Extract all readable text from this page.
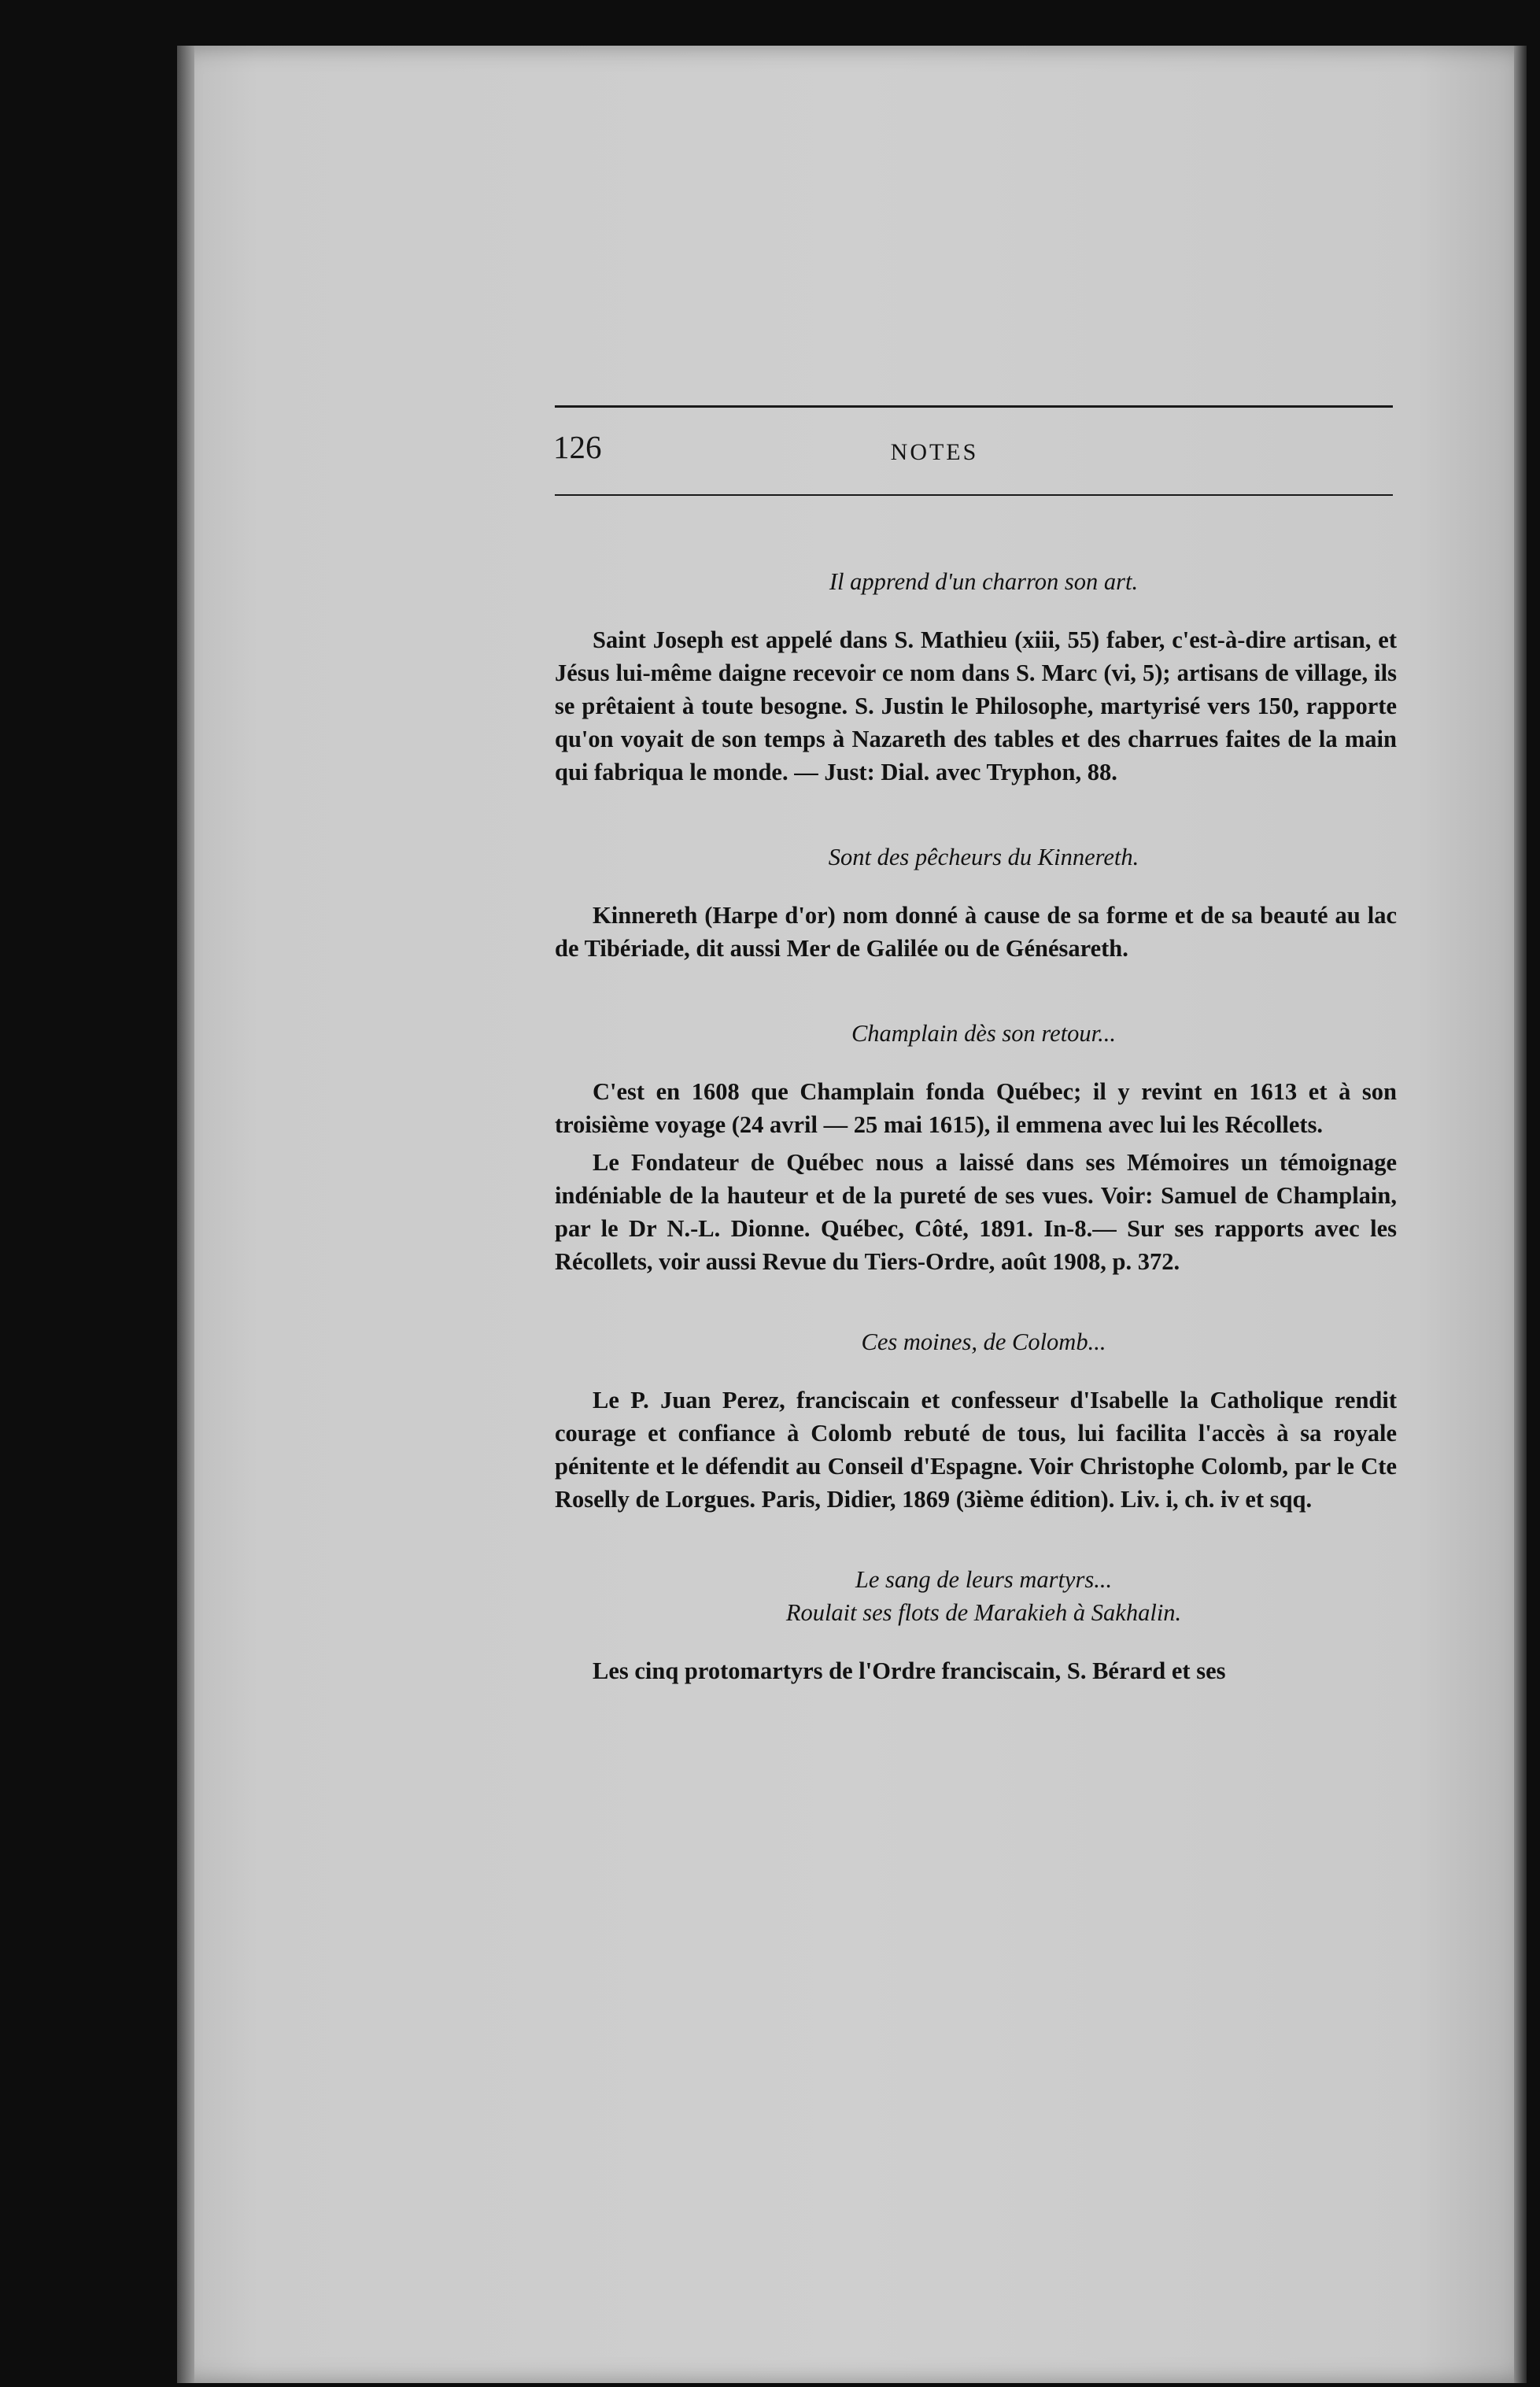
126	NOTES
Il apprend d'un charron son art.

Saint Joseph est appelé dans S. Mathieu (xiii, 55) faber, c'est-à-dire artisan, et Jésus lui-même daigne recevoir ce nom dans S. Marc (vi, 5); artisans de village, ils se prêtaient à toute besogne. S. Justin le Philosophe, martyrisé vers 150, rapporte qu'on voyait de son temps à Nazareth des tables et des charrues faites de la main qui fabriqua le monde. — Just: Dial. avec Tryphon, 88.

Sont des pêcheurs du Kinnereth.

Kinnereth (Harpe d'or) nom donné à cause de sa forme et de sa beauté au lac de Tibériade, dit aussi Mer de Galilée ou de Génésareth.

Champlain dès son retour...

C'est en 1608 que Champlain fonda Québec; il y revint en 1613 et à son troisième voyage (24 avril — 25 mai 1615), il emmena avec lui les Récollets.

Le Fondateur de Québec nous a laissé dans ses Mémoires un témoignage indéniable de la hauteur et de la pureté de ses vues. Voir: Samuel de Champlain, par le Dr N.-L. Dionne. Québec, Côté, 1891. In-8.— Sur ses rapports avec les Récollets, voir aussi Revue du Tiers-Ordre, août 1908, p. 372.

Ces moines, de Colomb...

Le P. Juan Perez, franciscain et confesseur d'Isabelle la Catholique rendit courage et confiance à Colomb rebuté de tous, lui facilita l'accès à sa royale pénitente et le défendit au Conseil d'Espagne. Voir Christophe Colomb, par le Cte Roselly de Lorgues. Paris, Didier, 1869 (3ième édition). Liv. i, ch. iv et sqq.

Le sang de leurs martyrs...
Roulait ses flots de Marakieh à Sakhalin.

Les cinq protomartyrs de l'Ordre franciscain, S. Bérard et ses
